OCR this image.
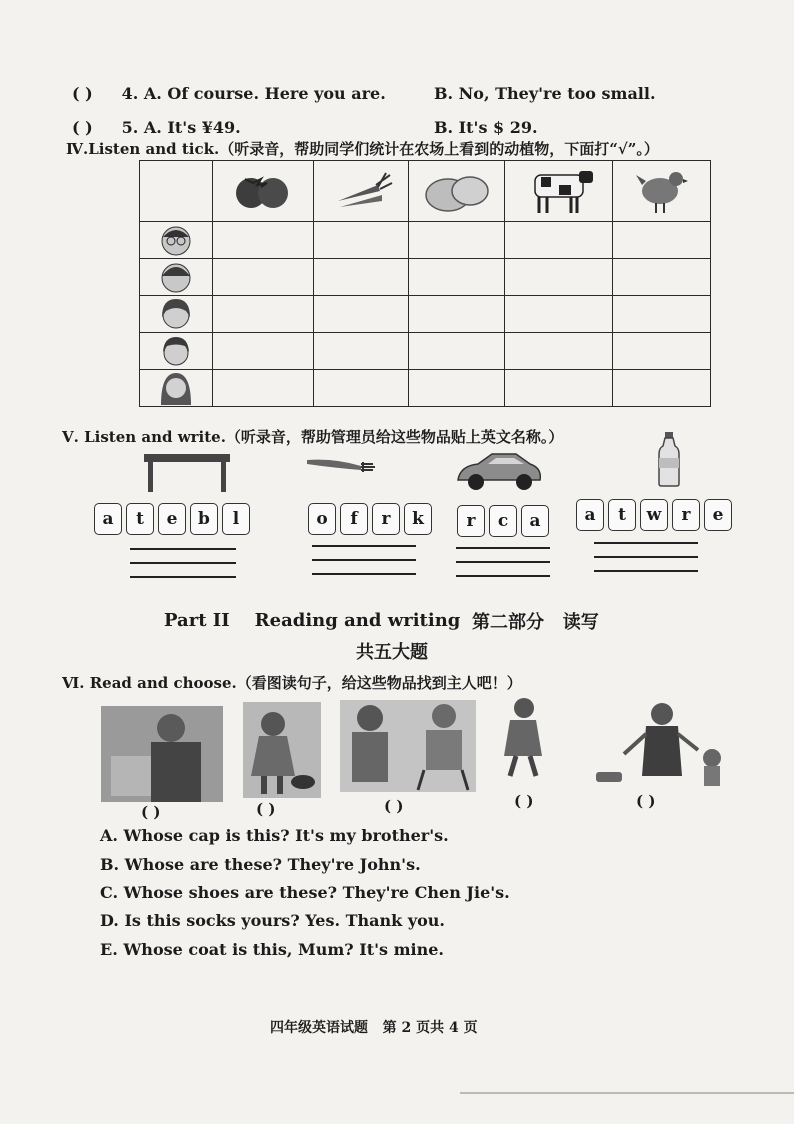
( ) 4. A. Of course. Here you are.	B. No, They're too small.
( ) 5. A. It's ¥49.	B. It's $ 29.
Ⅳ.Listen and tick.（听录音，帮助同学们统计在农场上看到的动植物，下面打“√”。）

Ⅴ. Listen and write.（听录音，帮助管理员给这些物品贴上英文名称。）
a	t	e	b	l	o	f	r	k	r	c	a	a	t	w	r	e
Part II    Reading and writing 第二部分   读写
共五大题
Ⅵ. Read and choose.（看图读句子，给这些物品找到主人吧！）
( )	( )	( )	( )	( )
A. Whose cap is this? It's my brother's.
B. Whose are these? They're John's.
C. Whose shoes are these? They're Chen Jie's.
D. Is this socks yours? Yes. Thank you.
E. Whose coat is this, Mum? It's mine.
四年级英语试题   第 2 页共 4 页
